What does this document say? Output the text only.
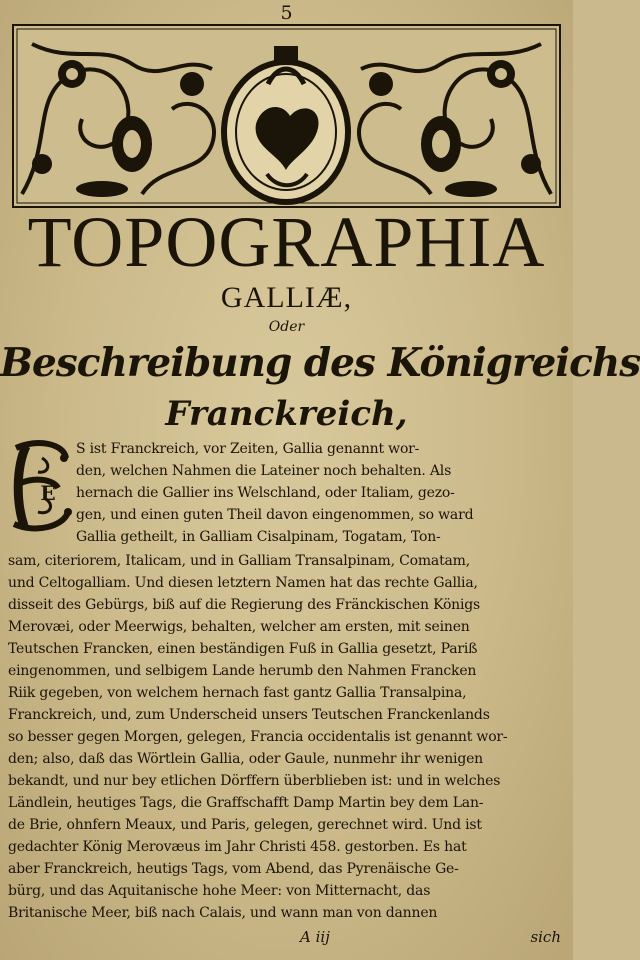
5
TOPOGRAPHIA
GALLIÆ,
Oder
Beschreibung des Königreichs
Franckreich,
E
S ist Franckreich, vor Zeiten, Gallia genannt wor-
den, welchen Nahmen die Lateiner noch behalten. Als
hernach die Gallier ins Welschland, oder Italiam, gezo-
gen, und einen guten Theil davon eingenommen, so ward
Gallia getheilt, in Galliam Cisalpinam, Togatam, Ton-
sam, citeriorem, Italicam, und in Galliam Transalpinam, Comatam,
und Celtogalliam. Und diesen letztern Namen hat das rechte Gallia,
disseit des Gebürgs, biß auf die Regierung des Fränckischen Königs
Merovæi, oder Meerwigs, behalten, welcher am ersten, mit seinen
Teutschen Francken, einen beständigen Fuß in Gallia gesetzt, Pariß
eingenommen, und selbigem Lande herumb den Nahmen Francken
Riik gegeben, von welchem hernach fast gantz Gallia Transalpina,
Franckreich, und, zum Underscheid unsers Teutschen Franckenlands
so besser gegen Morgen, gelegen, Francia occidentalis ist genannt wor-
den; also, daß das Wörtlein Gallia, oder Gaule, nunmehr ihr wenigen
bekandt, und nur bey etlichen Dörffern überblieben ist: und in welches
Ländlein, heutiges Tags, die Graffschafft Damp Martin bey dem Lan-
de Brie, ohnfern Meaux, und Paris, gelegen, gerechnet wird. Und ist
gedachter König Merovæus im Jahr Christi 458. gestorben. Es hat
aber Franckreich, heutigs Tags, vom Abend, das Pyrenäische Ge-
bürg, und das Aquitanische hohe Meer: von Mitternacht, das
Britanische Meer, biß nach Calais, und wann man von dannen
A iij	sich
